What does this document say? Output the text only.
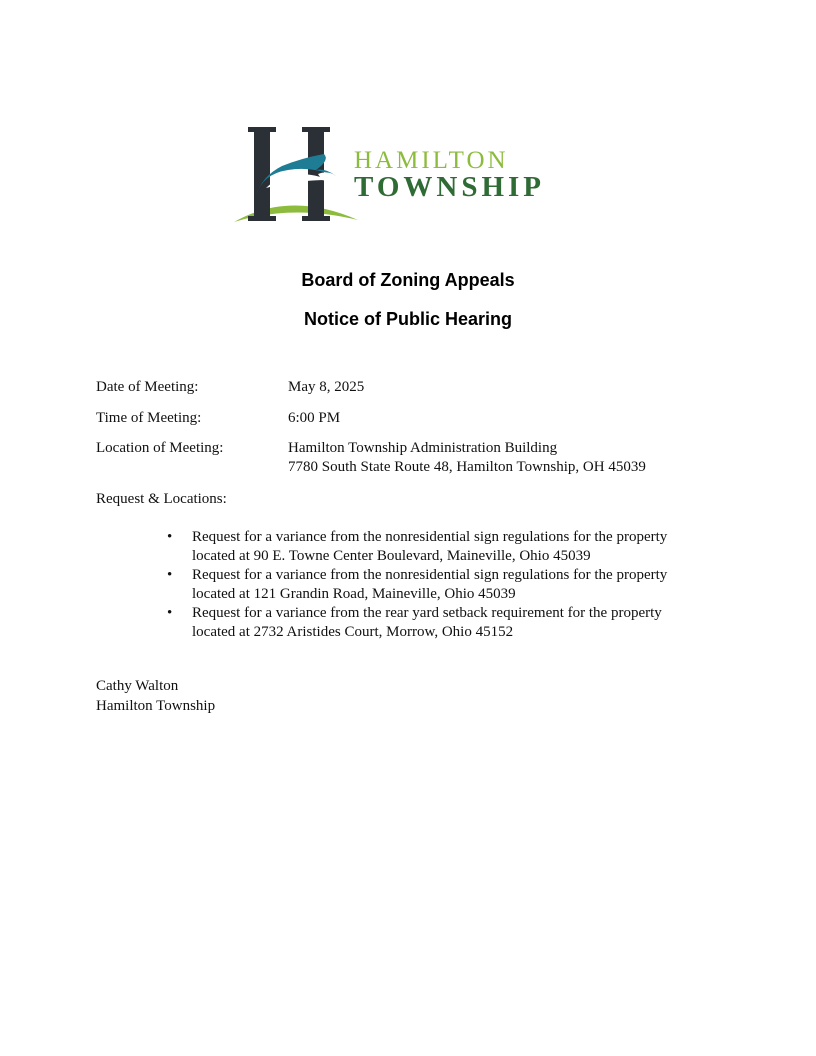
HAMILTON
TOWNSHIP
Board of Zoning Appeals
Notice of Public Hearing
Date of Meeting:	May 8, 2025
Time of Meeting:	6:00 PM
Location of Meeting:	Hamilton Township Administration Building
7780 South State Route 48, Hamilton Township, OH 45039
Request & Locations:
• Request for a variance from the nonresidential sign regulations for the property
located at 90 E. Towne Center Boulevard, Maineville, Ohio 45039
• Request for a variance from the nonresidential sign regulations for the property
located at 121 Grandin Road, Maineville, Ohio 45039
• Request for a variance from the rear yard setback requirement for the property
located at 2732 Aristides Court, Morrow, Ohio 45152
Cathy Walton
Hamilton Township
